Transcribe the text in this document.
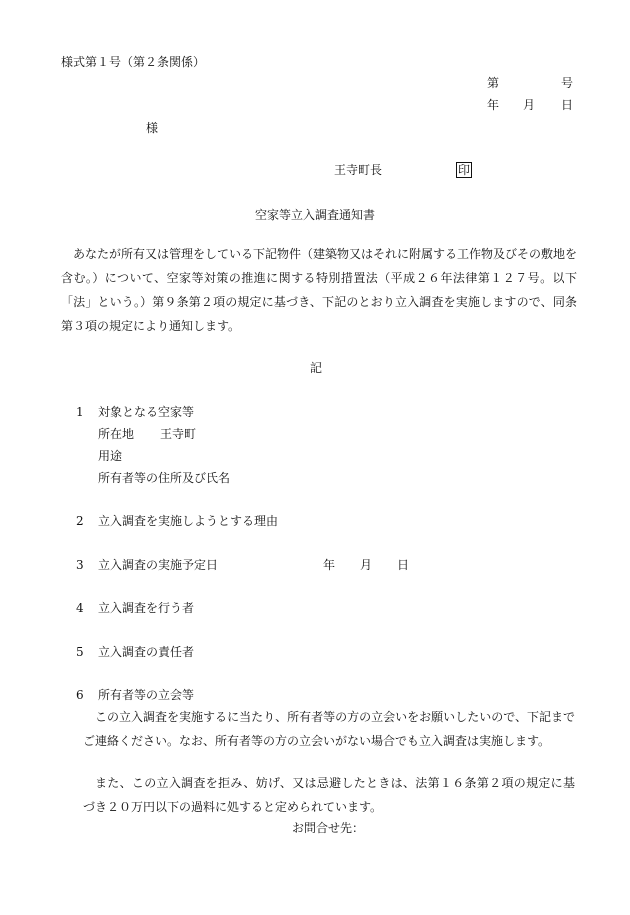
様式第１号（第２条関係）
第	号
年 月 日
様
王寺町長	印
空家等立入調査通知書
　あなたが所有又は管理をしている下記物件（建築物又はそれに附属する工作物及びその敷地を含む。）について、空家等対策の推進に関する特別措置法（平成２６年法律第１２７号。以下「法」という。）第９条第２項の規定に基づき、下記のとおり立入調査を実施しますので、同条第３項の規定により通知します。
記
1 対象となる空家等
所在地 王寺町
用途
所有者等の住所及び氏名
2 立入調査を実施しようとする理由
3 立入調査の実施予定日	年 月 日
4 立入調査を行う者
5 立入調査の責任者
6 所有者等の立会等
この立入調査を実施するに当たり、所有者等の方の立会いをお願いしたいので、下記までご連絡ください。なお、所有者等の方の立会いがない場合でも立入調査は実施します。
また、この立入調査を拒み、妨げ、又は忌避したときは、法第１６条第２項の規定に基づき２０万円以下の過料に処すると定められています。
お問合せ先：
